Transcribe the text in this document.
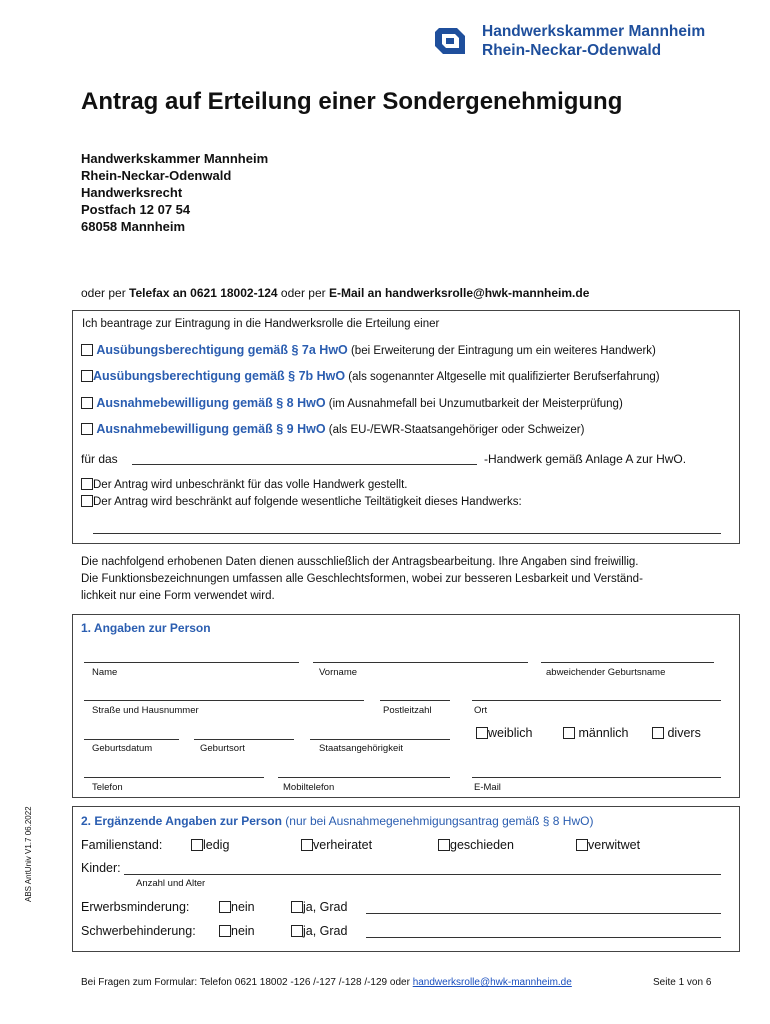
Handwerkskammer Mannheim
Rhein-Neckar-Odenwald
Antrag auf Erteilung einer Sondergenehmigung
Handwerkskammer Mannheim
Rhein-Neckar-Odenwald
Handwerksrecht
Postfach 12 07 54
68058 Mannheim
oder per Telefax an 0621 18002-124 oder per E-Mail an handwerksrolle@hwk-mannheim.de
Ich beantrage zur Eintragung in die Handwerksrolle die Erteilung einer
Ausübungsberechtigung gemäß § 7a HwO (bei Erweiterung der Eintragung um ein weiteres Handwerk)
Ausübungsberechtigung gemäß § 7b HwO (als sogenannter Altgeselle mit qualifizierter Berufserfahrung)
Ausnahmebewilligung gemäß § 8 HwO (im Ausnahmefall bei Unzumutbarkeit der Meisterprüfung)
Ausnahmebewilligung gemäß § 9 HwO (als EU-/EWR-Staatsangehöriger oder Schweizer)
für das	-Handwerk gemäß Anlage A zur HwO.
Der Antrag wird unbeschränkt für das volle Handwerk gestellt.
Der Antrag wird beschränkt auf folgende wesentliche Teiltätigkeit dieses Handwerks:
Die nachfolgend erhobenen Daten dienen ausschließlich der Antragsbearbeitung. Ihre Angaben sind freiwillig.
Die Funktionsbezeichnungen umfassen alle Geschlechtsformen, wobei zur besseren Lesbarkeit und Verständ-
lichkeit nur eine Form verwendet wird.
1. Angaben zur Person
Name	Vorname	abweichender Geburtsname
Straße und Hausnummer	Postleitzahl	Ort
Geburtsdatum	Geburtsort	Staatsangehörigkeit
weiblich	männlich	divers
Telefon	Mobiltelefon	E-Mail
ABS AntUniv V1.7 06.2022	2. Ergänzende Angaben zur Person (nur bei Ausnahmegenehmigungsantrag gemäß § 8 HwO)
Familienstand:	ledig	verheiratet	geschieden	verwitwet
Kinder:
Anzahl und Alter
Erwerbsminderung:	nein	ja, Grad
Schwerbehinderung:	nein	ja, Grad
Bei Fragen zum Formular: Telefon 0621 18002 -126 /-127 /-128 /-129 oder handwerksrolle@hwk-mannheim.de	Seite 1 von 6
